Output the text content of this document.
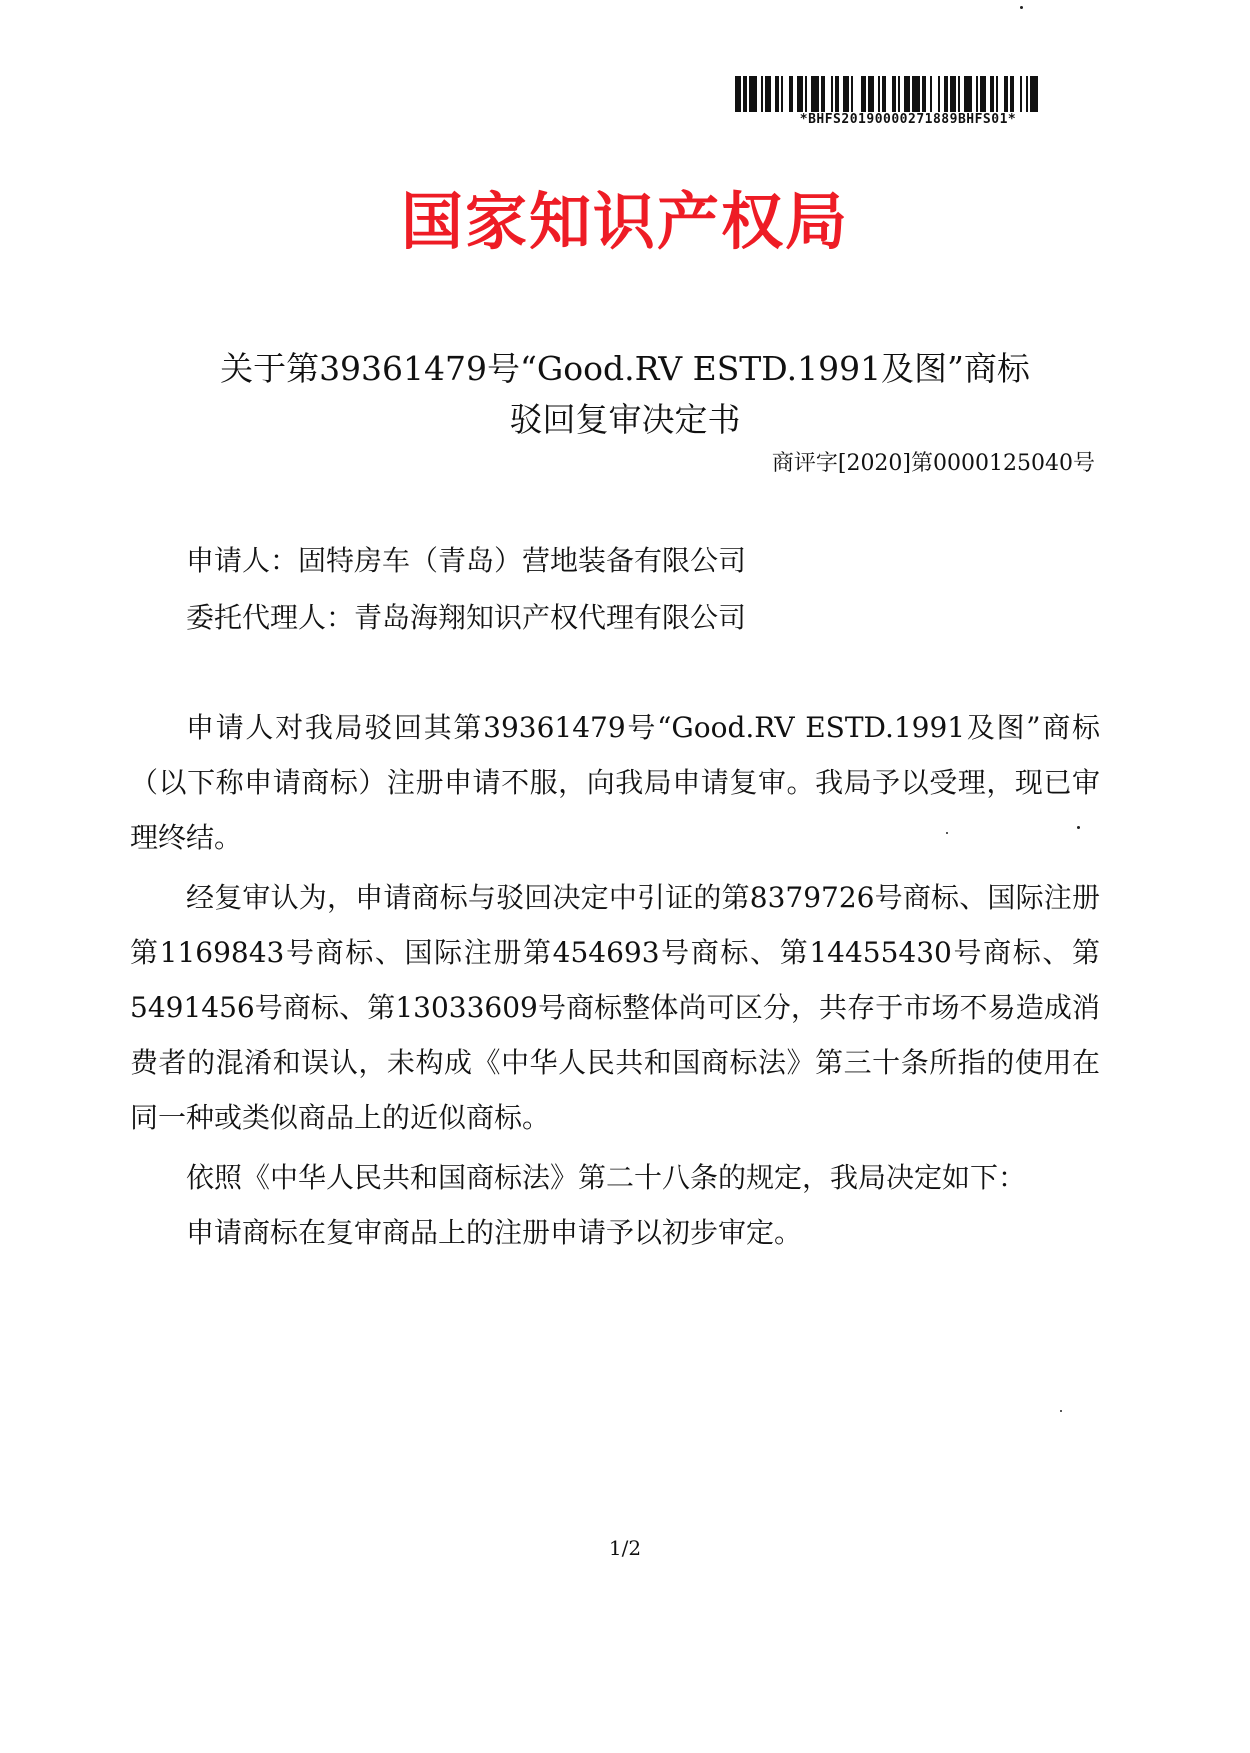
*BHFS20190000271889BHFS01*
国家知识产权局
关于第39361479号“Good.RV ESTD.1991及图”商标
驳回复审决定书
商评字[2020]第0000125040号
申请人：固特房车（青岛）营地装备有限公司
委托代理人：青岛海翔知识产权代理有限公司

申请人对我局驳回其第39361479号“Good.RV ESTD.1991及图”商标（以下称申请商标）注册申请不服，向我局申请复审。我局予以受理，现已审理终结。

经复审认为，申请商标与驳回决定中引证的第8379726号商标、国际注册第1169843号商标、国际注册第454693号商标、第14455430号商标、第5491456号商标、第13033609号商标整体尚可区分，共存于市场不易造成消费者的混淆和误认，未构成《中华人民共和国商标法》第三十条所指的使用在同一种或类似商品上的近似商标。

依照《中华人民共和国商标法》第二十八条的规定，我局决定如下：

申请商标在复审商品上的注册申请予以初步审定。

1/2
